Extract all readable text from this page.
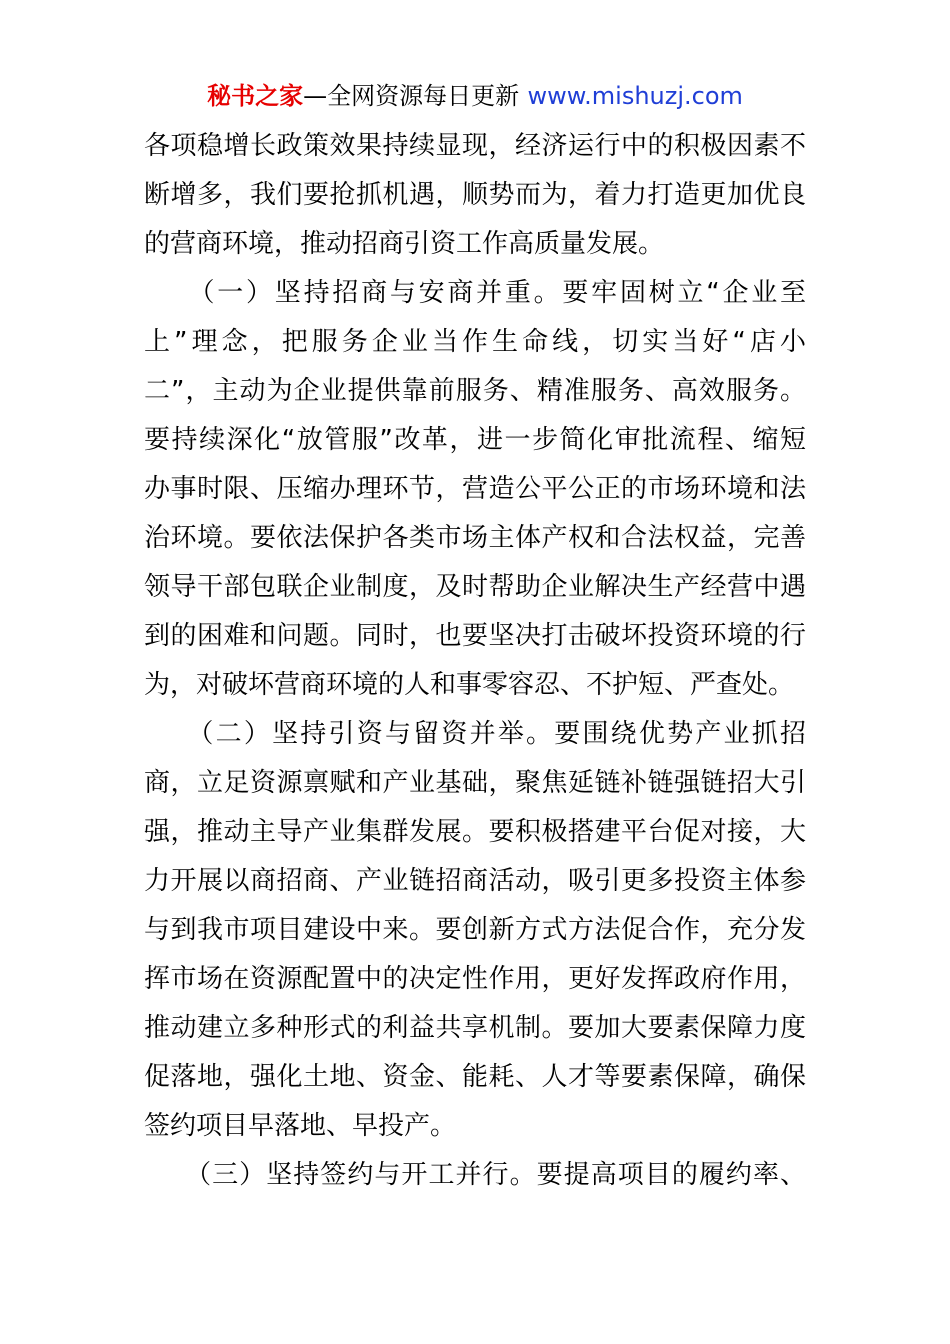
秘书之家—全网资源每日更新 www.mishuzj.com
各项稳增长政策效果持续显现，经济运行中的积极因素不
断增多，我们要抢抓机遇，顺势而为，着力打造更加优良
的营商环境，推动招商引资工作高质量发展。
　　（一）坚持招商与安商并重。要牢固树立“企业至
上”理念，把服务企业当作生命线，切实当好“店小
二”，主动为企业提供靠前服务、精准服务、高效服务。
要持续深化“放管服”改革，进一步简化审批流程、缩短
办事时限、压缩办理环节，营造公平公正的市场环境和法
治环境。要依法保护各类市场主体产权和合法权益，完善
领导干部包联企业制度，及时帮助企业解决生产经营中遇
到的困难和问题。同时，也要坚决打击破坏投资环境的行
为，对破坏营商环境的人和事零容忍、不护短、严查处。
　　（二）坚持引资与留资并举。要围绕优势产业抓招
商，立足资源禀赋和产业基础，聚焦延链补链强链招大引
强，推动主导产业集群发展。要积极搭建平台促对接，大
力开展以商招商、产业链招商活动，吸引更多投资主体参
与到我市项目建设中来。要创新方式方法促合作，充分发
挥市场在资源配置中的决定性作用，更好发挥政府作用，
推动建立多种形式的利益共享机制。要加大要素保障力度
促落地，强化土地、资金、能耗、人才等要素保障，确保
签约项目早落地、早投产。
　　（三）坚持签约与开工并行。要提高项目的履约率、
